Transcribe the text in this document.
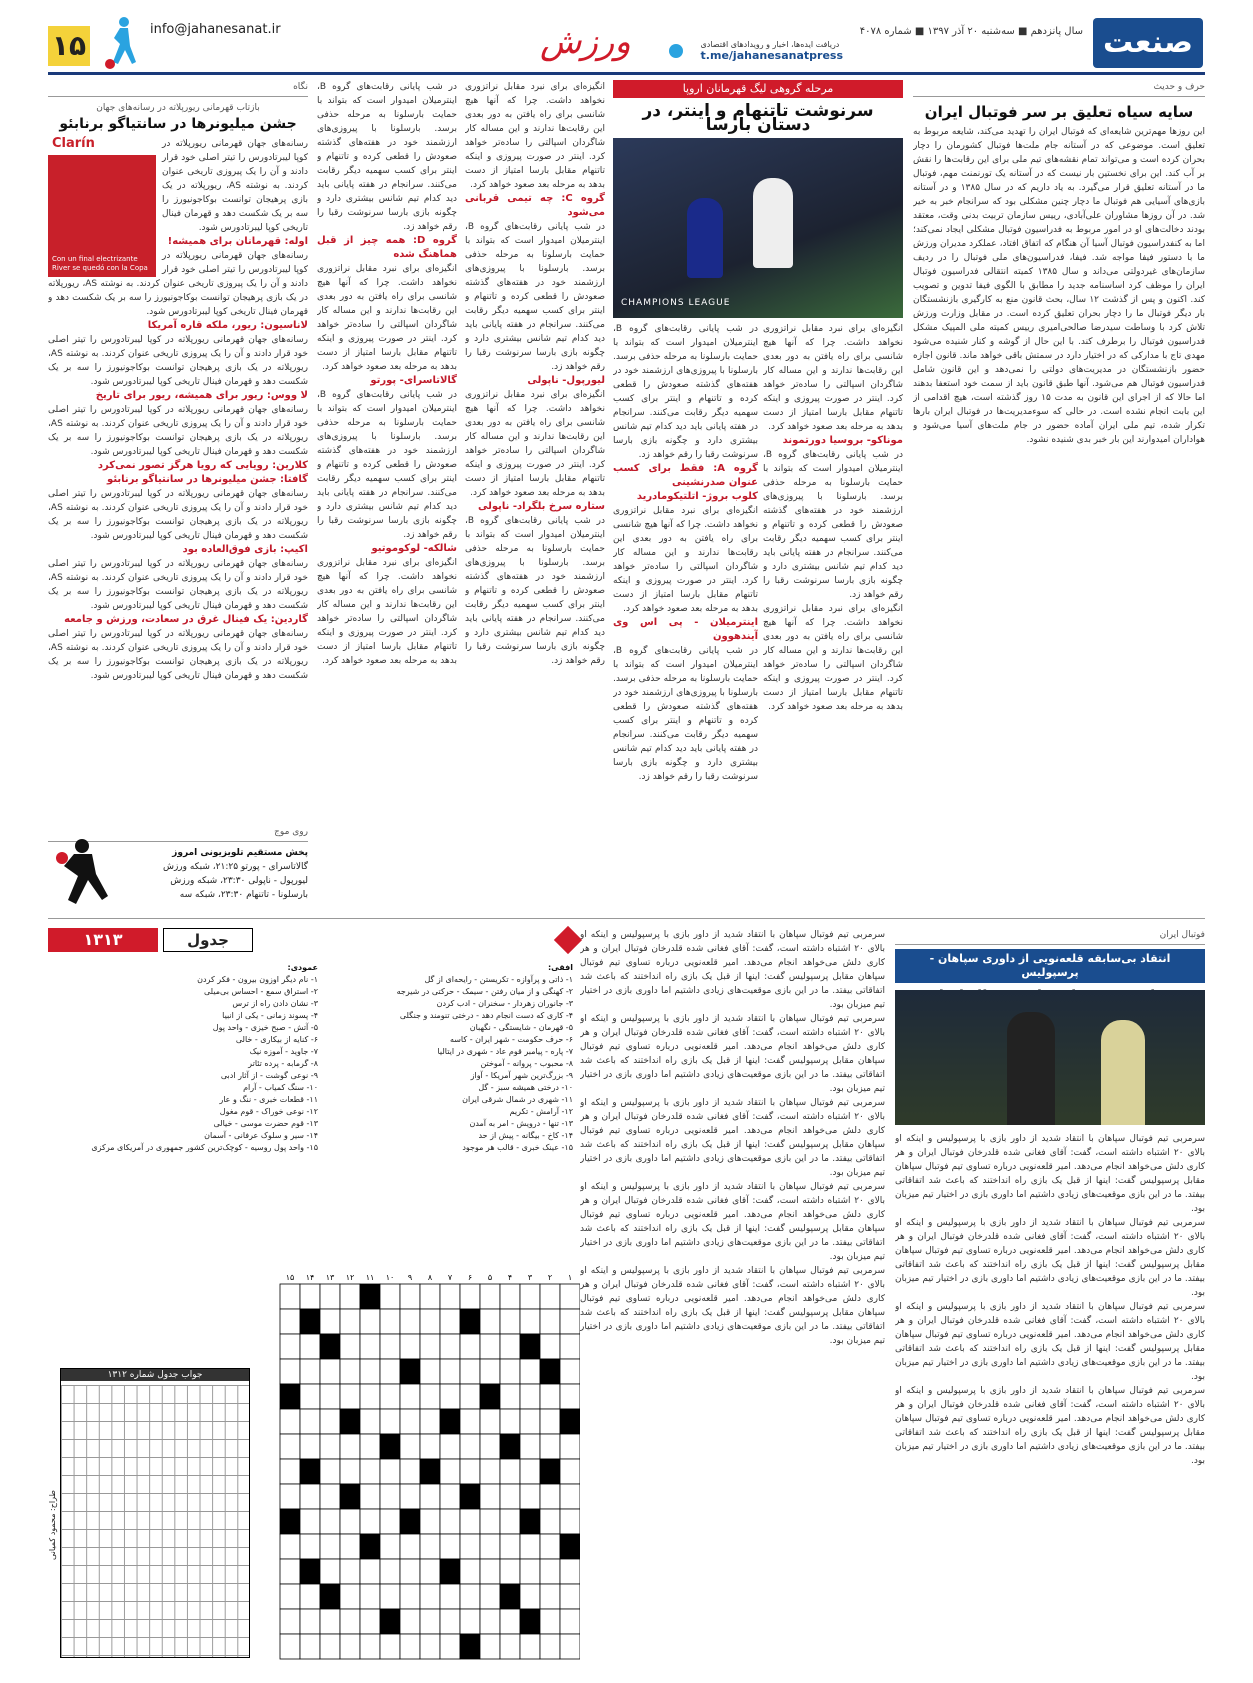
صنعت
سال پانزدهم ■ سه‌شنبه ۲۰ آذر ۱۳۹۷ ■ شماره ۴۰۷۸
دریافت ایده‌ها، اخبار و رویدادهای اقتصادی
t.me/jahanesanatpress
ورزش
info@jahanesanat.ir
۱۵
حرف و حدیث
سایه سیاه تعلیق بر سر فوتبال ایران
این روزها مهم‌ترین شایعه‌ای که فوتبال ایران را تهدید می‌کند، شایعه مربوط به تعلیق است. موضوعی که در آستانه جام ملت‌ها فوتبال کشورمان را دچار بحران کرده است و می‌تواند تمام نقشه‌های تیم ملی برای این رقابت‌ها را نقش بر آب کند. این برای نخستین بار نیست که در آستانه یک تورنمنت مهم، فوتبال ما در آستانه تعلیق قرار می‌گیرد. به یاد داریم که در سال ۱۳۸۵ و در آستانه بازی‌های آسیایی هم فوتبال ما دچار چنین مشکلی بود که سرانجام خبر به خیر شد. در آن روزها مشاوران علی‌آبادی، رییس سازمان تربیت بدنی وقت، معتقد بودند دخالت‌های او در امور مربوط به فدراسیون فوتبال مشکلی ایجاد نمی‌کند؛ اما به کنفدراسیون فوتبال آسیا آن هنگام که اتفاق افتاد، عملکرد مدیران ورزش ما با دستور فیفا مواجه شد. فیفا، فدراسیون‌های ملی فوتبال را در ردیف سازمان‌های غیردولتی می‌داند و سال ۱۳۸۵ کمیته انتقالی فدراسیون فوتبال ایران را موظف کرد اساسنامه جدید را مطابق با الگوی فیفا تدوین و تصویب کند. اکنون و پس از گذشت ۱۲ سال، بحث قانون منع به کارگیری بازنشستگان بار دیگر فوتبال ما را دچار بحران تعلیق کرده است. در مقابل وزارت ورزش تلاش کرد با وساطت سیدرضا صالحی‌امیری رییس کمیته ملی المپیک مشکل فدراسیون فوتبال را برطرف کند. با این حال از گوشه و کنار شنیده می‌شود مهدی تاج با مدارکی که در اختیار دارد در سمتش باقی خواهد ماند. قانون اجازه حضور بازنشستگان در مدیریت‌های دولتی را نمی‌دهد و این قانون شامل فدراسیون فوتبال هم می‌شود. آنها طبق قانون باید از سمت خود استعفا بدهند اما حالا که از اجرای این قانون به مدت ۱۵ روز گذشته است، هیچ اقدامی از این بابت انجام نشده است. در حالی که سوءمدیریت‌ها در فوتبال ایران بارها تکرار شده، تیم ملی ایران آماده حضور در جام ملت‌های آسیا می‌شود و هواداران امیدوارند این بار خبر بدی شنیده نشود.
مرحله گروهی لیگ قهرمانان اروپا
سرنوشت تاتنهام و اینتر، در دستان بارسا
CHAMPIONS LEAGUE
در شب پایانی رقابت‌های گروه B، اینترمیلان امیدوار است که بتواند با حمایت بارسلونا به مرحله حذفی برسد. بارسلونا با پیروزی‌های ارزشمند خود در هفته‌های گذشته صعودش را قطعی کرده و تاتنهام و اینتر برای کسب سهمیه دیگر رقابت می‌کنند. سرانجام در هفته پایانی باید دید کدام تیم شانس بیشتری دارد و چگونه بازی بارسا سرنوشت رقبا را رقم خواهد زد.
گروه A: فقط برای کسب عنوان صدرنشینی
کلوب بروژ- اتلتیکومادرید
انگیزه‌ای برای نبرد مقابل نراتزوری نخواهد داشت. چرا که آنها هیچ شانسی برای راه یافتن به دور بعدی این رقابت‌ها ندارند و این مساله کار شاگردان اسپالتی را ساده‌تر خواهد کرد. اینتر در صورت پیروزی و اینکه تاتنهام مقابل بارسا امتیاز از دست بدهد به مرحله بعد صعود خواهد کرد.
اینترمیلان - پی اس وی آیندهوون
در شب پایانی رقابت‌های گروه B، اینترمیلان امیدوار است که بتواند با حمایت بارسلونا به مرحله حذفی برسد. بارسلونا با پیروزی‌های ارزشمند خود در هفته‌های گذشته صعودش را قطعی کرده و تاتنهام و اینتر برای کسب سهمیه دیگر رقابت می‌کنند. سرانجام در هفته پایانی باید دید کدام تیم شانس بیشتری دارد و چگونه بازی بارسا سرنوشت رقبا را رقم خواهد زد.
انگیزه‌ای برای نبرد مقابل نراتزوری نخواهد داشت. چرا که آنها هیچ شانسی برای راه یافتن به دور بعدی این رقابت‌ها ندارند و این مساله کار شاگردان اسپالتی را ساده‌تر خواهد کرد. اینتر در صورت پیروزی و اینکه تاتنهام مقابل بارسا امتیاز از دست بدهد به مرحله بعد صعود خواهد کرد.
موناکو- بروسیا دورتموند
در شب پایانی رقابت‌های گروه B، اینترمیلان امیدوار است که بتواند با حمایت بارسلونا به مرحله حذفی برسد. بارسلونا با پیروزی‌های ارزشمند خود در هفته‌های گذشته صعودش را قطعی کرده و تاتنهام و اینتر برای کسب سهمیه دیگر رقابت می‌کنند. سرانجام در هفته پایانی باید دید کدام تیم شانس بیشتری دارد و چگونه بازی بارسا سرنوشت رقبا را رقم خواهد زد.
انگیزه‌ای برای نبرد مقابل نراتزوری نخواهد داشت. چرا که آنها هیچ شانسی برای راه یافتن به دور بعدی این رقابت‌ها ندارند و این مساله کار شاگردان اسپالتی را ساده‌تر خواهد کرد. اینتر در صورت پیروزی و اینکه تاتنهام مقابل بارسا امتیاز از دست بدهد به مرحله بعد صعود خواهد کرد.
انگیزه‌ای برای نبرد مقابل نراتزوری نخواهد داشت. چرا که آنها هیچ شانسی برای راه یافتن به دور بعدی این رقابت‌ها ندارند و این مساله کار شاگردان اسپالتی را ساده‌تر خواهد کرد. اینتر در صورت پیروزی و اینکه تاتنهام مقابل بارسا امتیاز از دست بدهد به مرحله بعد صعود خواهد کرد.
گروه C: چه تیمی قربانی می‌شود
در شب پایانی رقابت‌های گروه B، اینترمیلان امیدوار است که بتواند با حمایت بارسلونا به مرحله حذفی برسد. بارسلونا با پیروزی‌های ارزشمند خود در هفته‌های گذشته صعودش را قطعی کرده و تاتنهام و اینتر برای کسب سهمیه دیگر رقابت می‌کنند. سرانجام در هفته پایانی باید دید کدام تیم شانس بیشتری دارد و چگونه بازی بارسا سرنوشت رقبا را رقم خواهد زد.
لیورپول- ناپولی
انگیزه‌ای برای نبرد مقابل نراتزوری نخواهد داشت. چرا که آنها هیچ شانسی برای راه یافتن به دور بعدی این رقابت‌ها ندارند و این مساله کار شاگردان اسپالتی را ساده‌تر خواهد کرد. اینتر در صورت پیروزی و اینکه تاتنهام مقابل بارسا امتیاز از دست بدهد به مرحله بعد صعود خواهد کرد.
ستاره سرخ بلگراد- ناپولی
در شب پایانی رقابت‌های گروه B، اینترمیلان امیدوار است که بتواند با حمایت بارسلونا به مرحله حذفی برسد. بارسلونا با پیروزی‌های ارزشمند خود در هفته‌های گذشته صعودش را قطعی کرده و تاتنهام و اینتر برای کسب سهمیه دیگر رقابت می‌کنند. سرانجام در هفته پایانی باید دید کدام تیم شانس بیشتری دارد و چگونه بازی بارسا سرنوشت رقبا را رقم خواهد زد.
در شب پایانی رقابت‌های گروه B، اینترمیلان امیدوار است که بتواند با حمایت بارسلونا به مرحله حذفی برسد. بارسلونا با پیروزی‌های ارزشمند خود در هفته‌های گذشته صعودش را قطعی کرده و تاتنهام و اینتر برای کسب سهمیه دیگر رقابت می‌کنند. سرانجام در هفته پایانی باید دید کدام تیم شانس بیشتری دارد و چگونه بازی بارسا سرنوشت رقبا را رقم خواهد زد.
گروه D: همه چیز از قبل هماهنگ شده
انگیزه‌ای برای نبرد مقابل نراتزوری نخواهد داشت. چرا که آنها هیچ شانسی برای راه یافتن به دور بعدی این رقابت‌ها ندارند و این مساله کار شاگردان اسپالتی را ساده‌تر خواهد کرد. اینتر در صورت پیروزی و اینکه تاتنهام مقابل بارسا امتیاز از دست بدهد به مرحله بعد صعود خواهد کرد.
گالاتاسرای- پورتو
در شب پایانی رقابت‌های گروه B، اینترمیلان امیدوار است که بتواند با حمایت بارسلونا به مرحله حذفی برسد. بارسلونا با پیروزی‌های ارزشمند خود در هفته‌های گذشته صعودش را قطعی کرده و تاتنهام و اینتر برای کسب سهمیه دیگر رقابت می‌کنند. سرانجام در هفته پایانی باید دید کدام تیم شانس بیشتری دارد و چگونه بازی بارسا سرنوشت رقبا را رقم خواهد زد.
شالکه- لوکوموتیو
انگیزه‌ای برای نبرد مقابل نراتزوری نخواهد داشت. چرا که آنها هیچ شانسی برای راه یافتن به دور بعدی این رقابت‌ها ندارند و این مساله کار شاگردان اسپالتی را ساده‌تر خواهد کرد. اینتر در صورت پیروزی و اینکه تاتنهام مقابل بارسا امتیاز از دست بدهد به مرحله بعد صعود خواهد کرد.
نگاه
بازتاب قهرمانی ریورپلاته در رسانه‌های جهان
جشن میلیونرها در سانتیاگو برنابئو
Clarín
Con un final electrizante River se quedó con la Copa
رسانه‌های جهان قهرمانی ریورپلاته در کوپا لیبرتادورس را تیتر اصلی خود قرار دادند و آن را یک پیروزی تاریخی عنوان کردند. به نوشته AS، ریورپلاته در یک بازی پرهیجان توانست بوکاجونیورز را سه بر یک شکست دهد و قهرمان فینال تاریخی کوپا لیبرتادورس شود.
اوله: قهرمانان برای همیشه!
رسانه‌های جهان قهرمانی ریورپلاته در کوپا لیبرتادورس را تیتر اصلی خود قرار دادند و آن را یک پیروزی تاریخی عنوان کردند. به نوشته AS، ریورپلاته در یک بازی پرهیجان توانست بوکاجونیورز را سه بر یک شکست دهد و قهرمان فینال تاریخی کوپا لیبرتادورس شود.
لاناسیون: ریور، ملکه قاره آمریکا
رسانه‌های جهان قهرمانی ریورپلاته در کوپا لیبرتادورس را تیتر اصلی خود قرار دادند و آن را یک پیروزی تاریخی عنوان کردند. به نوشته AS، ریورپلاته در یک بازی پرهیجان توانست بوکاجونیورز را سه بر یک شکست دهد و قهرمان فینال تاریخی کوپا لیبرتادورس شود.
لا ووس: ریور برای همیشه، ریور برای تاریخ
رسانه‌های جهان قهرمانی ریورپلاته در کوپا لیبرتادورس را تیتر اصلی خود قرار دادند و آن را یک پیروزی تاریخی عنوان کردند. به نوشته AS، ریورپلاته در یک بازی پرهیجان توانست بوکاجونیورز را سه بر یک شکست دهد و قهرمان فینال تاریخی کوپا لیبرتادورس شود.
کلارین: رویایی که رویا هرگز تصور نمی‌کرد
گافتا: جشن میلیونرها در سانتیاگو برنابئو
رسانه‌های جهان قهرمانی ریورپلاته در کوپا لیبرتادورس را تیتر اصلی خود قرار دادند و آن را یک پیروزی تاریخی عنوان کردند. به نوشته AS، ریورپلاته در یک بازی پرهیجان توانست بوکاجونیورز را سه بر یک شکست دهد و قهرمان فینال تاریخی کوپا لیبرتادورس شود.
اکیپ: بازی فوق‌العاده بود
رسانه‌های جهان قهرمانی ریورپلاته در کوپا لیبرتادورس را تیتر اصلی خود قرار دادند و آن را یک پیروزی تاریخی عنوان کردند. به نوشته AS، ریورپلاته در یک بازی پرهیجان توانست بوکاجونیورز را سه بر یک شکست دهد و قهرمان فینال تاریخی کوپا لیبرتادورس شود.
گاردین: یک فینال غرق در سعادت، ورزش و جامعه
رسانه‌های جهان قهرمانی ریورپلاته در کوپا لیبرتادورس را تیتر اصلی خود قرار دادند و آن را یک پیروزی تاریخی عنوان کردند. به نوشته AS، ریورپلاته در یک بازی پرهیجان توانست بوکاجونیورز را سه بر یک شکست دهد و قهرمان فینال تاریخی کوپا لیبرتادورس شود.
روی موج
پخش مستقیم تلویزیونی امروز
گالاتاسرای - پورتو ۲۱:۲۵، شبکه ورزش
لیورپول - ناپولی ۲۳:۳۰، شبکه ورزش
بارسلونا - تاتنهام ۲۳:۳۰، شبکه سه
فوتبال ایران
انتقاد بی‌سابقه قلعه‌نویی از داوری سپاهان - پرسپولیس
سرمربی تیم فوتبال سپاهان با انتقاد شدید از داور بازی با پرسپولیس و اینکه او بالای ۲۰ اشتباه داشته است، گفت: آقای فغانی شده قلدرخان فوتبال ایران و هر کاری دلش می‌خواهد انجام می‌دهد. امیر قلعه‌نویی درباره تساوی تیم فوتبال سپاهان مقابل پرسپولیس گفت: اینها از قبل یک بازی راه انداختند که باعث شد اتفاقاتی بیفتد. ما در این بازی موقعیت‌های زیادی داشتیم اما داوری بازی در اختیار تیم میزبان بود.
سرمربی تیم فوتبال سپاهان با انتقاد شدید از داور بازی با پرسپولیس و اینکه او بالای ۲۰ اشتباه داشته است، گفت: آقای فغانی شده قلدرخان فوتبال ایران و هر کاری دلش می‌خواهد انجام می‌دهد. امیر قلعه‌نویی درباره تساوی تیم فوتبال سپاهان مقابل پرسپولیس گفت: اینها از قبل یک بازی راه انداختند که باعث شد اتفاقاتی بیفتد. ما در این بازی موقعیت‌های زیادی داشتیم اما داوری بازی در اختیار تیم میزبان بود.
سرمربی تیم فوتبال سپاهان با انتقاد شدید از داور بازی با پرسپولیس و اینکه او بالای ۲۰ اشتباه داشته است، گفت: آقای فغانی شده قلدرخان فوتبال ایران و هر کاری دلش می‌خواهد انجام می‌دهد. امیر قلعه‌نویی درباره تساوی تیم فوتبال سپاهان مقابل پرسپولیس گفت: اینها از قبل یک بازی راه انداختند که باعث شد اتفاقاتی بیفتد. ما در این بازی موقعیت‌های زیادی داشتیم اما داوری بازی در اختیار تیم میزبان بود.
سرمربی تیم فوتبال سپاهان با انتقاد شدید از داور بازی با پرسپولیس و اینکه او بالای ۲۰ اشتباه داشته است، گفت: آقای فغانی شده قلدرخان فوتبال ایران و هر کاری دلش می‌خواهد انجام می‌دهد. امیر قلعه‌نویی درباره تساوی تیم فوتبال سپاهان مقابل پرسپولیس گفت: اینها از قبل یک بازی راه انداختند که باعث شد اتفاقاتی بیفتد. ما در این بازی موقعیت‌های زیادی داشتیم اما داوری بازی در اختیار تیم میزبان بود.
سرمربی تیم فوتبال سپاهان با انتقاد شدید از داور بازی با پرسپولیس و اینکه او بالای ۲۰ اشتباه داشته است، گفت: آقای فغانی شده قلدرخان فوتبال ایران و هر کاری دلش می‌خواهد انجام می‌دهد. امیر قلعه‌نویی درباره تساوی تیم فوتبال سپاهان مقابل پرسپولیس گفت: اینها از قبل یک بازی راه انداختند که باعث شد اتفاقاتی بیفتد. ما در این بازی موقعیت‌های زیادی داشتیم اما داوری بازی در اختیار تیم میزبان بود.
سرمربی تیم فوتبال سپاهان با انتقاد شدید از داور بازی با پرسپولیس و اینکه او بالای ۲۰ اشتباه داشته است، گفت: آقای فغانی شده قلدرخان فوتبال ایران و هر کاری دلش می‌خواهد انجام می‌دهد. امیر قلعه‌نویی درباره تساوی تیم فوتبال سپاهان مقابل پرسپولیس گفت: اینها از قبل یک بازی راه انداختند که باعث شد اتفاقاتی بیفتد. ما در این بازی موقعیت‌های زیادی داشتیم اما داوری بازی در اختیار تیم میزبان بود.
سرمربی تیم فوتبال سپاهان با انتقاد شدید از داور بازی با پرسپولیس و اینکه او بالای ۲۰ اشتباه داشته است، گفت: آقای فغانی شده قلدرخان فوتبال ایران و هر کاری دلش می‌خواهد انجام می‌دهد. امیر قلعه‌نویی درباره تساوی تیم فوتبال سپاهان مقابل پرسپولیس گفت: اینها از قبل یک بازی راه انداختند که باعث شد اتفاقاتی بیفتد. ما در این بازی موقعیت‌های زیادی داشتیم اما داوری بازی در اختیار تیم میزبان بود.
سرمربی تیم فوتبال سپاهان با انتقاد شدید از داور بازی با پرسپولیس و اینکه او بالای ۲۰ اشتباه داشته است، گفت: آقای فغانی شده قلدرخان فوتبال ایران و هر کاری دلش می‌خواهد انجام می‌دهد. امیر قلعه‌نویی درباره تساوی تیم فوتبال سپاهان مقابل پرسپولیس گفت: اینها از قبل یک بازی راه انداختند که باعث شد اتفاقاتی بیفتد. ما در این بازی موقعیت‌های زیادی داشتیم اما داوری بازی در اختیار تیم میزبان بود.
سرمربی تیم فوتبال سپاهان با انتقاد شدید از داور بازی با پرسپولیس و اینکه او بالای ۲۰ اشتباه داشته است، گفت: آقای فغانی شده قلدرخان فوتبال ایران و هر کاری دلش می‌خواهد انجام می‌دهد. امیر قلعه‌نویی درباره تساوی تیم فوتبال سپاهان مقابل پرسپولیس گفت: اینها از قبل یک بازی راه انداختند که باعث شد اتفاقاتی بیفتد. ما در این بازی موقعیت‌های زیادی داشتیم اما داوری بازی در اختیار تیم میزبان بود.
۱۳۱۳	جدول
افقی:
۱- ذاتی و پرآوازه - تکریستن - رایحه‌ای از گل
۲- کهنگی و از میان رفتن - سیمک - حرکتی در شیرجه
۳- جانوران زهردار - سخنران - ادب کردن
۴- کاری که دست انجام دهد - درختی تنومند و جنگلی
۵- قهرمان - شایستگی - نگهبان
۶- حرف حکومت - شهر ایران - کاسه
۷- پاره - پیامبر قوم عاد - شهری در ایتالیا
۸- محبوب - پروانه - آموختن
۹- بزرگ‌ترین شهر آمریکا - آواز
۱۰- درختی همیشه سبز - گل
۱۱- شهری در شمال شرقی ایران
۱۲- آرامش - تکریم
۱۳- تنها - درویش - امر به آمدن
۱۴- کاخ - بیگانه - پیش از حد
۱۵- عینک خبری - قالب هر موجود
عمودی:
۱- نام دیگر اوزون بیرون - فکر کردن
۲- استراق سمع - احساس بی‌میلی
۳- نشان دادن راه از ترس
۴- پسوند زمانی - یکی از انبیا
۵- آتش - صبح خیزی - واحد پول
۶- کنایه از بیکاری - خالی
۷- جاوید - آموزه نیک
۸- گرمابه - پرده تئاتر
۹- نوعی گوشت - از آثار ادبی
۱۰- سنگ کمیاب - آرام
۱۱- قطعات خبری - ننگ و عار
۱۲- نوعی خوراک - قوم مغول
۱۳- قوم حضرت موسی - خیالی
۱۴- سیر و سلوک عرفانی - آسمان
۱۵- واحد پول روسیه - کوچک‌ترین کشور جمهوری در آمریکای مرکزی
۱
۲
۳
۴
۵
۶
۷
۸
۹
۱۰
۱۱
۱۲
۱۳
۱۴
۱۵
جواب جدول شماره ۱۳۱۲
طراح: محمود کمیانی
